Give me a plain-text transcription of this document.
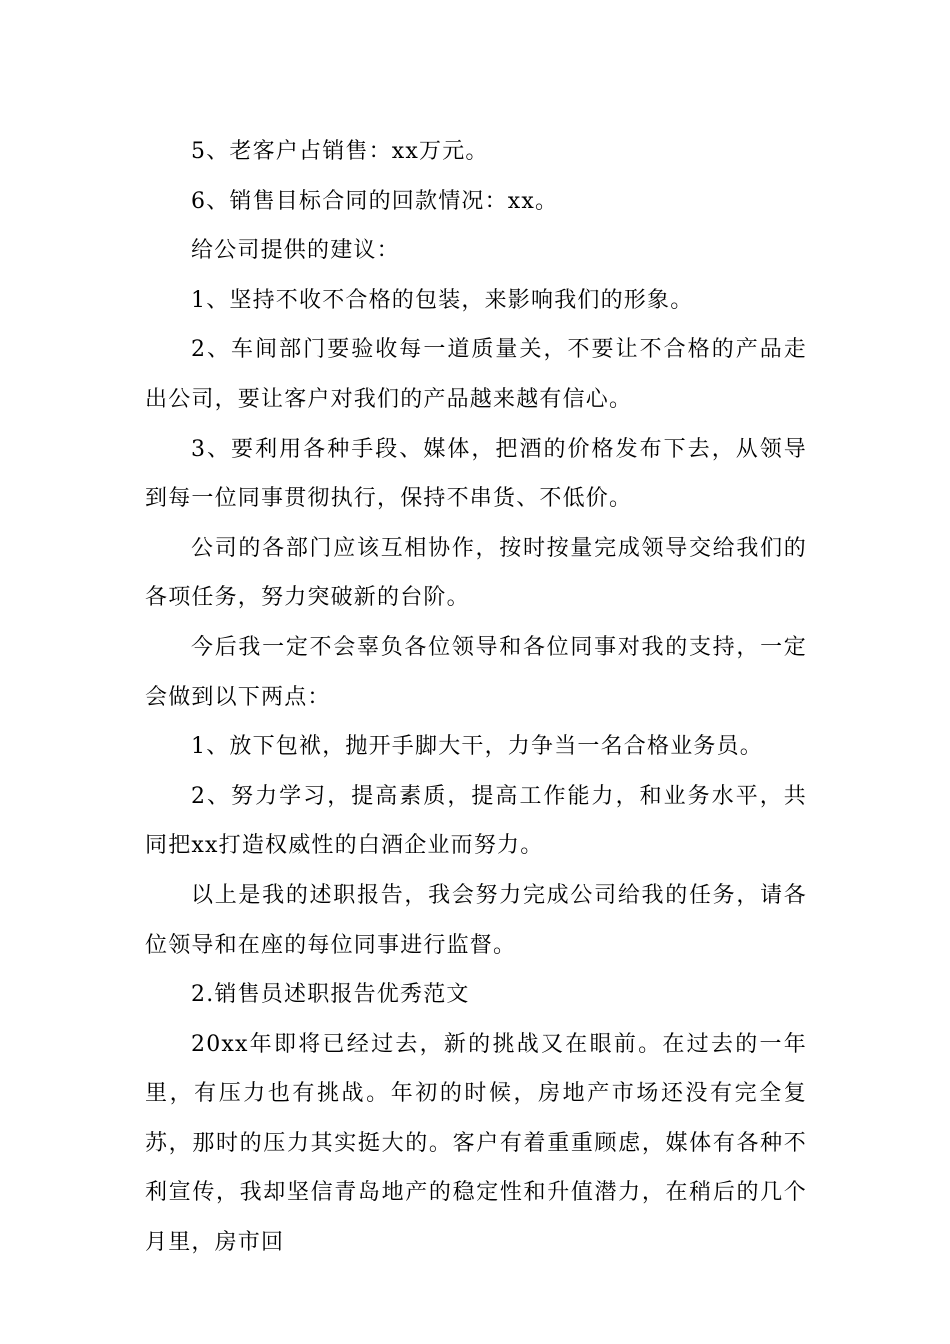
5、老客户占销售：xx万元。

6、销售目标合同的回款情况：xx。

给公司提供的建议：

1、坚持不收不合格的包装，来影响我们的形象。

2、车间部门要验收每一道质量关，不要让不合格的产品走出公司，要让客户对我们的产品越来越有信心。

3、要利用各种手段、媒体，把酒的价格发布下去，从领导到每一位同事贯彻执行，保持不串货、不低价。

公司的各部门应该互相协作，按时按量完成领导交给我们的各项任务，努力突破新的台阶。

今后我一定不会辜负各位领导和各位同事对我的支持，一定会做到以下两点：

1、放下包袱，抛开手脚大干，力争当一名合格业务员。

2、努力学习，提高素质，提高工作能力，和业务水平，共同把xx打造权威性的白酒企业而努力。

以上是我的述职报告，我会努力完成公司给我的任务，请各位领导和在座的每位同事进行监督。

2.销售员述职报告优秀范文

20xx年即将已经过去，新的挑战又在眼前。在过去的一年里，有压力也有挑战。年初的时候，房地产市场还没有完全复苏，那时的压力其实挺大的。客户有着重重顾虑，媒体有各种不利宣传，我却坚信青岛地产的稳定性和升值潜力，在稍后的几个月里，房市回
